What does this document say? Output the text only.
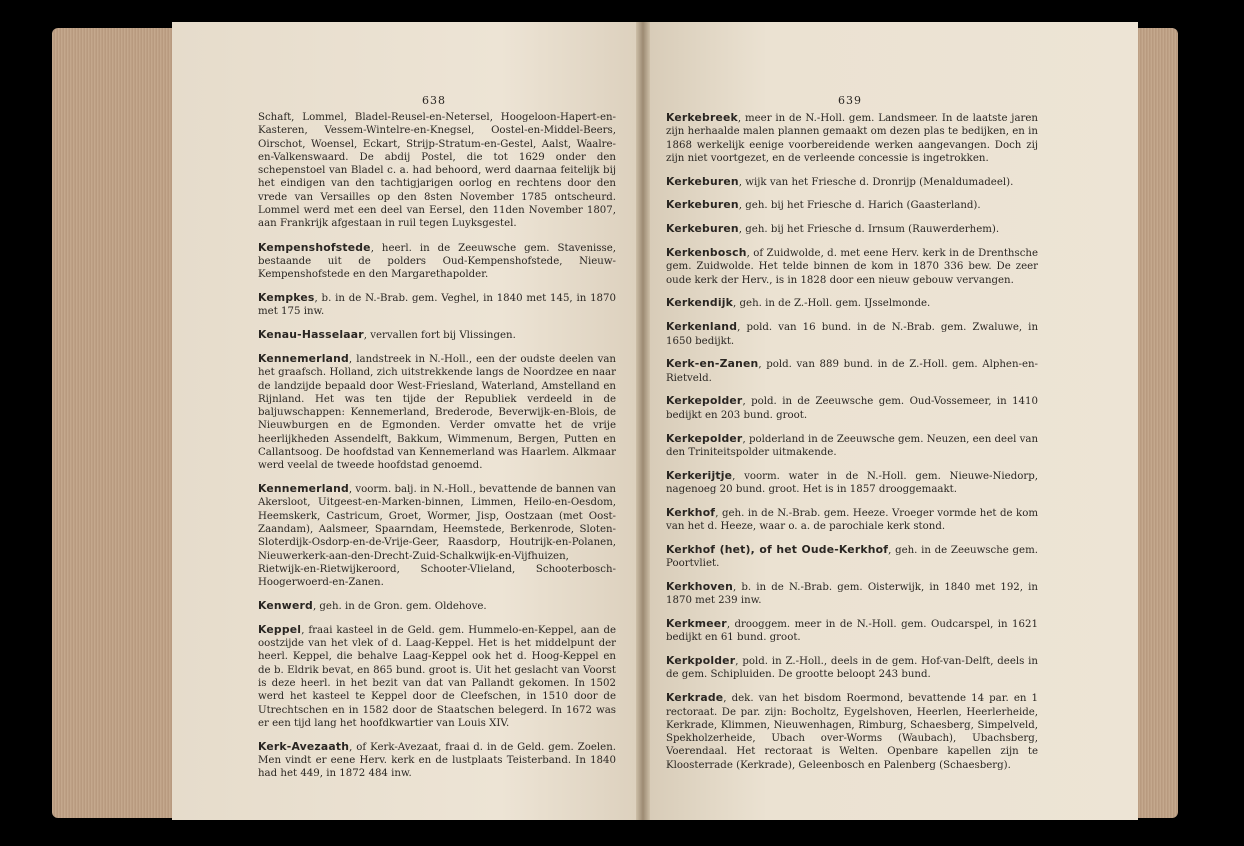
638

Schaft, Lommel, Bladel-Reusel-en-Netersel, Hoogeloon-Hapert-en-Kasteren, Vessem-Wintelre-en-Knegsel, Oostel-en-Middel-Beers, Oirschot, Woensel, Eckart, Strijp-Stratum-en-Gestel, Aalst, Waalre-en-Valkenswaard. De abdij Postel, die tot 1629 onder den schepenstoel van Bladel c. a. had behoord, werd daarnaa feitelijk bij het eindigen van den tachtigjarigen oorlog en rechtens door den vrede van Versailles op den 8sten November 1785 ontscheurd. Lommel werd met een deel van Eersel, den 11den November 1807, aan Frankrijk afgestaan in ruil tegen Luyksgestel.

Kempenshofstede, heerl. in de Zeeuwsche gem. Stavenisse, bestaande uit de polders Oud-Kempenshofstede, Nieuw-Kempenshofstede en den Margarethapolder.

Kempkes, b. in de N.-Brab. gem. Veghel, in 1840 met 145, in 1870 met 175 inw.

Kenau-Hasselaar, vervallen fort bij Vlissingen.

Kennemerland, landstreek in N.-Holl., een der oudste deelen van het graafsch. Holland, zich uitstrekkende langs de Noordzee en naar de landzijde bepaald door West-Friesland, Waterland, Amstelland en Rijnland. Het was ten tijde der Republiek verdeeld in de baljuwschappen: Kennemerland, Brederode, Beverwijk-en-Blois, de Nieuwburgen en de Egmonden. Verder omvatte het de vrije heerlijkheden Assendelft, Bakkum, Wimmenum, Bergen, Putten en Callantsoog. De hoofdstad van Kennemerland was Haarlem. Alkmaar werd veelal de tweede hoofdstad genoemd.

Kennemerland, voorm. balj. in N.-Holl., bevattende de bannen van Akersloot, Uitgeest-en-Marken-binnen, Limmen, Heilo-en-Oesdom, Heemskerk, Castricum, Groet, Wormer, Jisp, Oostzaan (met Oost-Zaandam), Aalsmeer, Spaarndam, Heemstede, Berkenrode, Sloten-Sloterdijk-Osdorp-en-de-Vrije-Geer, Raasdorp, Houtrijk-en-Polanen, Nieuwerkerk-aan-den-Drecht-Zuid-Schalkwijk-en-Vijfhuizen, Rietwijk-en-Rietwijkeroord, Schooter-Vlieland, Schooterbosch-Hoogerwoerd-en-Zanen.

Kenwerd, geh. in de Gron. gem. Oldehove.

Keppel, fraai kasteel in de Geld. gem. Hummelo-en-Keppel, aan de oostzijde van het vlek of d. Laag-Keppel. Het is het middelpunt der heerl. Keppel, die behalve Laag-Keppel ook het d. Hoog-Keppel en de b. Eldrik bevat, en 865 bund. groot is. Uit het geslacht van Voorst is deze heerl. in het bezit van dat van Pallandt gekomen. In 1502 werd het kasteel te Keppel door de Cleefschen, in 1510 door de Utrechtschen en in 1582 door de Staatschen belegerd. In 1672 was er een tijd lang het hoofdkwartier van Louis XIV.

Kerk-Avezaath, of Kerk-Avezaat, fraai d. in de Geld. gem. Zoelen. Men vindt er eene Herv. kerk en de lustplaats Teisterband. In 1840 had het 449, in 1872 484 inw.

639

Kerkebreek, meer in de N.-Holl. gem. Landsmeer. In de laatste jaren zijn herhaalde malen plannen gemaakt om dezen plas te bedijken, en in 1868 werkelijk eenige voorbereidende werken aangevangen. Doch zij zijn niet voortgezet, en de verleende concessie is ingetrokken.

Kerkeburen, wijk van het Friesche d. Dronrijp (Menaldumadeel).

Kerkeburen, geh. bij het Friesche d. Harich (Gaasterland).

Kerkeburen, geh. bij het Friesche d. Irnsum (Rauwerderhem).

Kerkenbosch, of Zuidwolde, d. met eene Herv. kerk in de Drenthsche gem. Zuidwolde. Het telde binnen de kom in 1870 336 bew. De zeer oude kerk der Herv., is in 1828 door een nieuw gebouw vervangen.

Kerkendijk, geh. in de Z.-Holl. gem. IJsselmonde.

Kerkenland, pold. van 16 bund. in de N.-Brab. gem. Zwaluwe, in 1650 bedijkt.

Kerk-en-Zanen, pold. van 889 bund. in de Z.-Holl. gem. Alphen-en-Rietveld.

Kerkepolder, pold. in de Zeeuwsche gem. Oud-Vossemeer, in 1410 bedijkt en 203 bund. groot.

Kerkepolder, polderland in de Zeeuwsche gem. Neuzen, een deel van den Triniteitspolder uitmakende.

Kerkerijtje, voorm. water in de N.-Holl. gem. Nieuwe-Niedorp, nagenoeg 20 bund. groot. Het is in 1857 drooggemaakt.

Kerkhof, geh. in de N.-Brab. gem. Heeze. Vroeger vormde het de kom van het d. Heeze, waar o. a. de parochiale kerk stond.

Kerkhof (het), of het Oude-Kerkhof, geh. in de Zeeuwsche gem. Poortvliet.

Kerkhoven, b. in de N.-Brab. gem. Oisterwijk, in 1840 met 192, in 1870 met 239 inw.

Kerkmeer, drooggem. meer in de N.-Holl. gem. Oudcarspel, in 1621 bedijkt en 61 bund. groot.

Kerkpolder, pold. in Z.-Holl., deels in de gem. Hof-van-Delft, deels in de gem. Schipluiden. De grootte beloopt 243 bund.

Kerkrade, dek. van het bisdom Roermond, bevattende 14 par. en 1 rectoraat. De par. zijn: Bocholtz, Eygelshoven, Heerlen, Heerlerheide, Kerkrade, Klimmen, Nieuwenhagen, Rimburg, Schaesberg, Simpelveld, Spekholzerheide, Ubach over-Worms (Waubach), Ubachsberg, Voerendaal. Het rectoraat is Welten. Openbare kapellen zijn te Kloosterrade (Kerkrade), Geleenbosch en Palenberg (Schaesberg).
